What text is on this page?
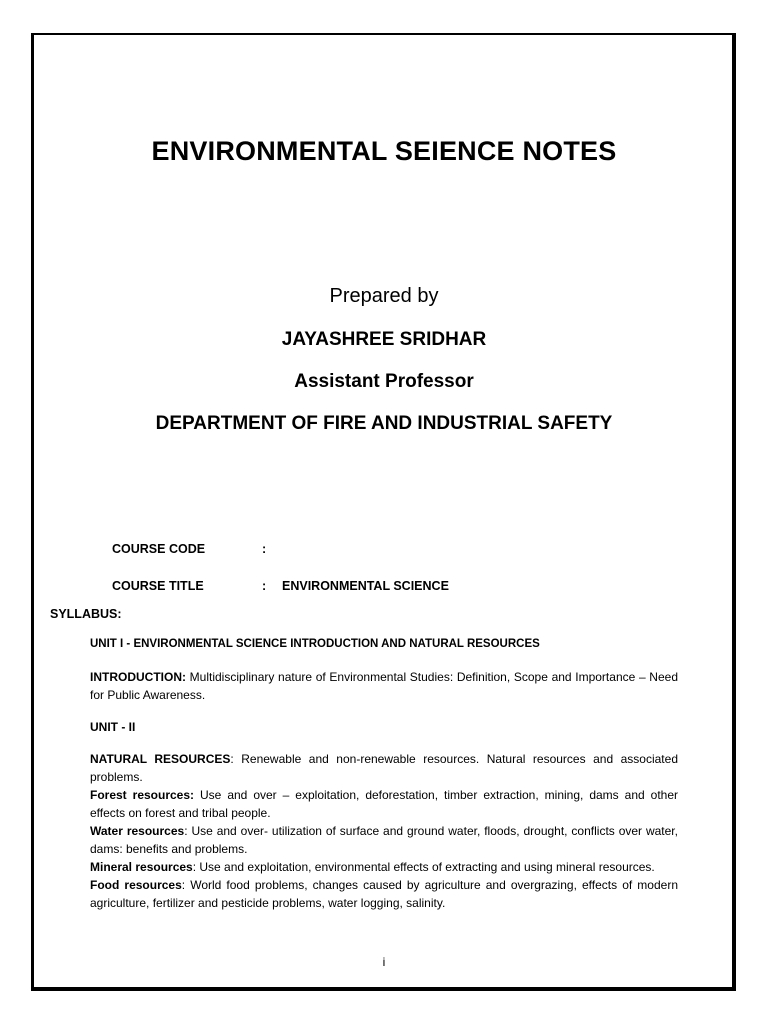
ENVIRONMENTAL SEIENCE NOTES
Prepared by
JAYASHREE SRIDHAR
Assistant Professor
DEPARTMENT OF FIRE AND INDUSTRIAL SAFETY
COURSE CODE	:
COURSE TITLE	: ENVIRONMENTAL SCIENCE
SYLLABUS:
UNIT I - ENVIRONMENTAL SCIENCE INTRODUCTION AND NATURAL RESOURCES
INTRODUCTION: Multidisciplinary nature of Environmental Studies: Definition, Scope and Importance – Need for Public Awareness.
UNIT - II

NATURAL RESOURCES: Renewable and non-renewable resources. Natural resources and associated problems.

Forest resources: Use and over – exploitation, deforestation, timber extraction, mining, dams and other effects on forest and tribal people.

Water resources: Use and over- utilization of surface and ground water, floods, drought, conflicts over water, dams: benefits and problems.

Mineral resources: Use and exploitation, environmental effects of extracting and using mineral resources.

Food resources: World food problems, changes caused by agriculture and overgrazing, effects of modern agriculture, fertilizer and pesticide problems, water logging, salinity.

i
